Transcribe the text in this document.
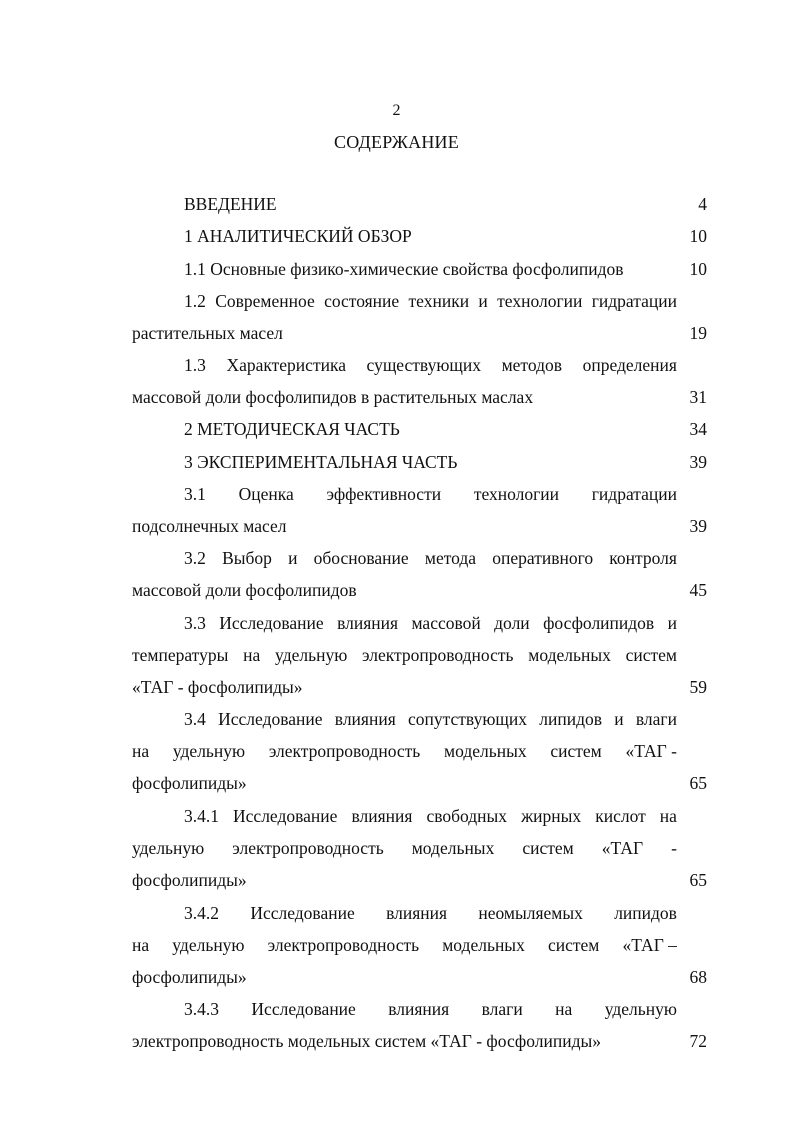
2
СОДЕРЖАНИЕ
ВВЕДЕНИЕ	4
1 АНАЛИТИЧЕСКИЙ ОБЗОР	10
1.1 Основные физико-химические свойства фосфолипидов	10
1.2 Современное состояние техники и технологии гидратации
растительных масел	19
1.3 Характеристика существующих методов определения
массовой доли фосфолипидов в растительных маслах	31
2 МЕТОДИЧЕСКАЯ ЧАСТЬ	34
3 ЭКСПЕРИМЕНТАЛЬНАЯ ЧАСТЬ	39
3.1 Оценка эффективности технологии гидратации
подсолнечных масел	39
3.2 Выбор и обоснование метода оперативного контроля
массовой доли фосфолипидов	45
3.3 Исследование влияния массовой доли фосфолипидов и
температуры на удельную электропроводность модельных систем
«ТАГ - фосфолипиды»	59
3.4 Исследование влияния сопутствующих липидов и влаги
на удельную электропроводность модельных систем «ТАГ -
фосфолипиды»	65
3.4.1 Исследование влияния свободных жирных кислот на
удельную электропроводность модельных систем «ТАГ -
фосфолипиды»	65
3.4.2 Исследование влияния неомыляемых липидов
на удельную электропроводность модельных систем «ТАГ –
фосфолипиды»	68
3.4.3 Исследование влияния влаги на удельную
электропроводность модельных систем «ТАГ - фосфолипиды»	72
